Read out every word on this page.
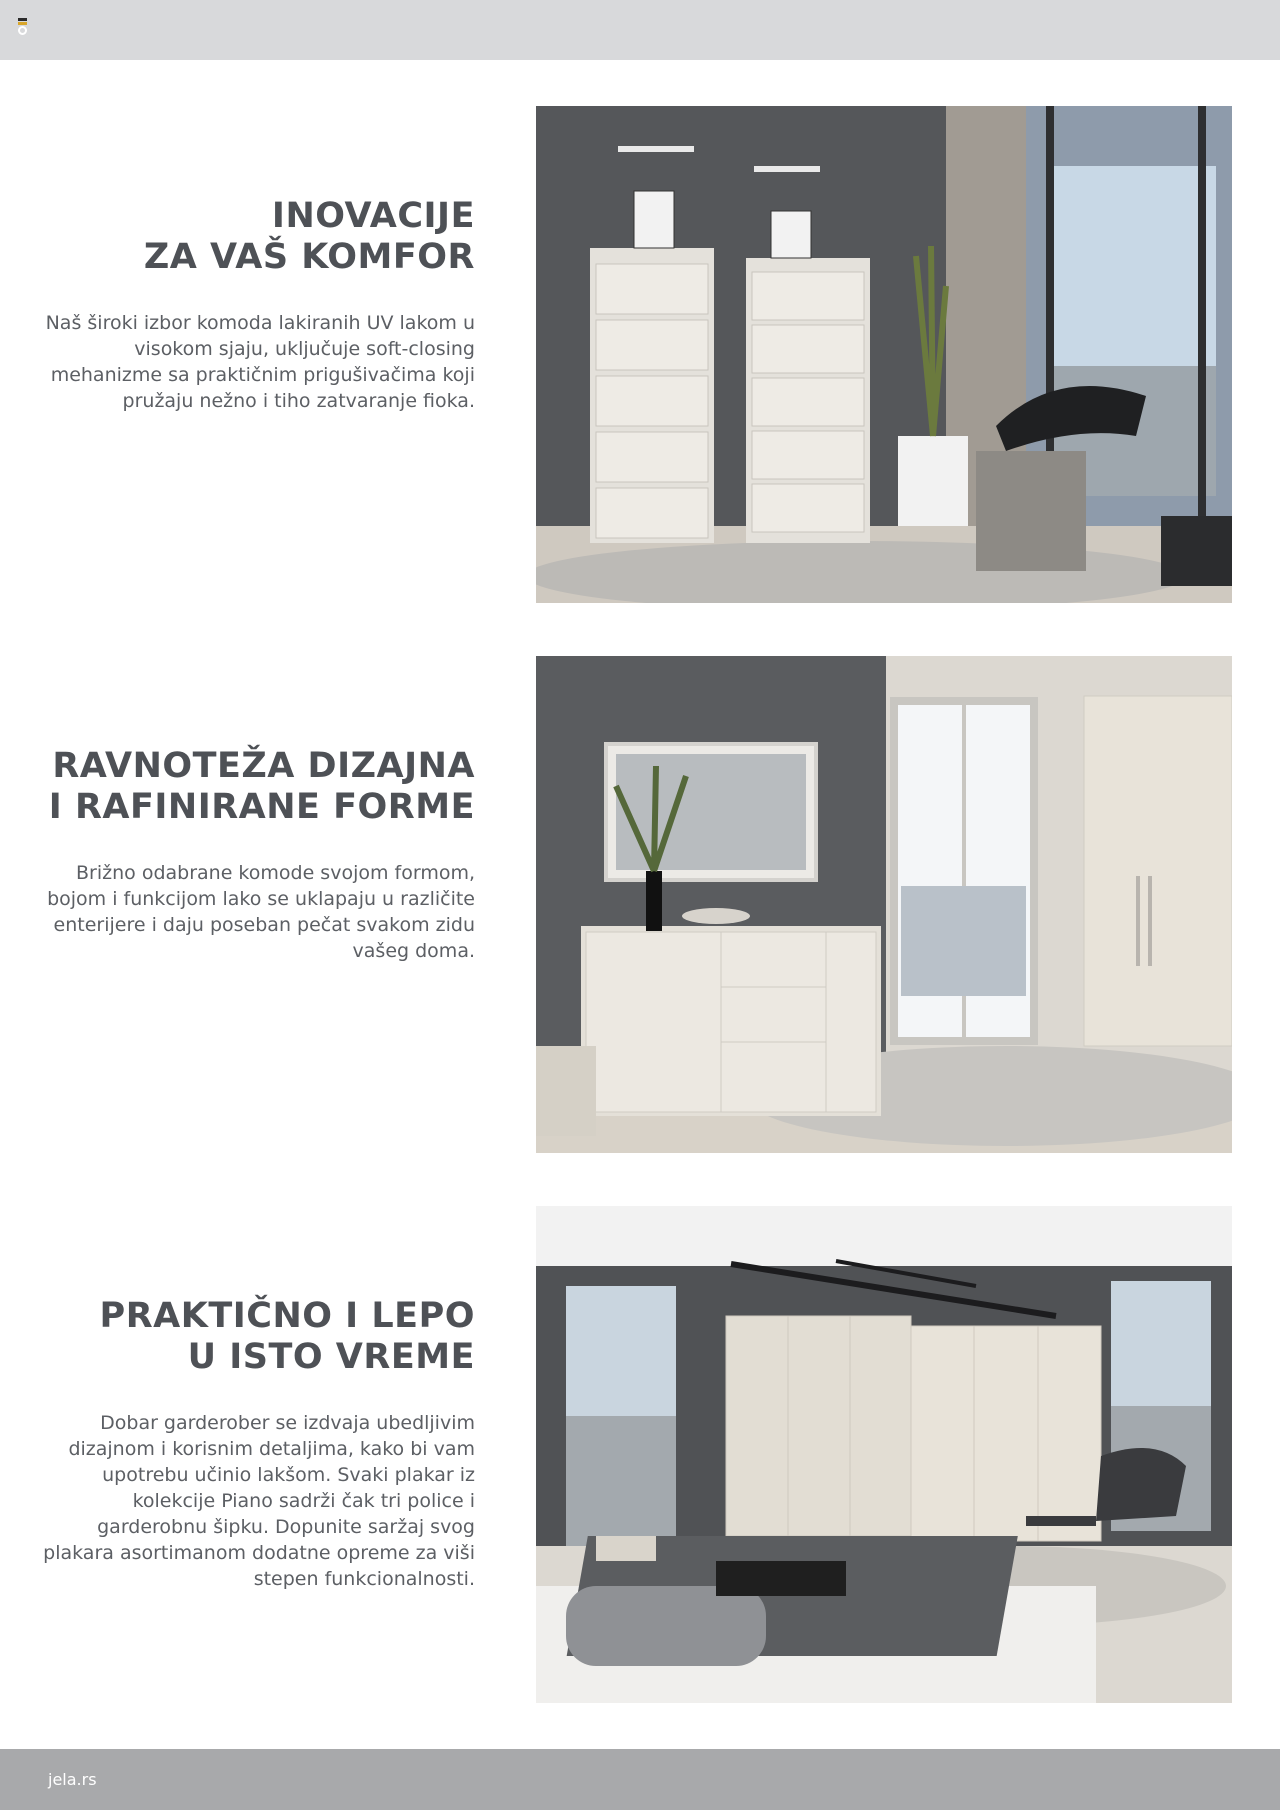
INOVACIJE
ZA VAŠ KOMFOR

Naš široki izbor komoda lakiranih UV lakom u visokom sjaju, uključuje soft-closing mehanizme sa praktičnim prigušivačima koji pružaju nežno i tiho zatvaranje fioka.

RAVNOTEŽA DIZAJNA
I RAFINIRANE FORME

Brižno odabrane komode svojom formom, bojom i funkcijom lako se uklapaju u različite enterijere i daju poseban pečat svakom zidu vašeg doma.

PRAKTIČNO I LEPO
U ISTO VREME

Dobar garderober se izdvaja ubedljivim dizajnom i korisnim detaljima, kako bi vam upotrebu učinio lakšom. Svaki plakar iz kolekcije Piano sadrži čak tri police i garderobnu šipku. Dopunite saržaj svog plakara asortimanom dodatne opreme za viši stepen funkcionalnosti.

jela.rs
